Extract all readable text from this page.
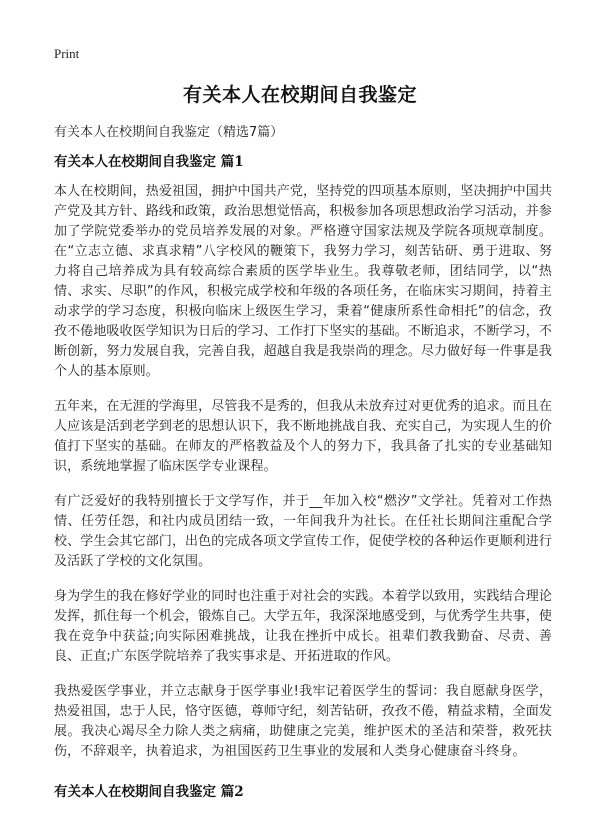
Print
有关本人在校期间自我鉴定

有关本人在校期间自我鉴定（精选7篇）

有关本人在校期间自我鉴定 篇1

本人在校期间，热爱祖国，拥护中国共产党，坚持党的四项基本原则，坚决拥护中国共产党及其方针、路线和政策，政治思想觉悟高，积极参加各项思想政治学习活动，并参加了学院党委举办的党员培养发展的对象。严格遵守国家法规及学院各项规章制度。在“立志立德、求真求精”八字校风的鞭策下，我努力学习，刻苦钻研、勇于进取、努力将自己培养成为具有较高综合素质的医学毕业生。我尊敬老师，团结同学，以“热情、求实、尽职”的作风，积极完成学校和年级的各项任务，在临床实习期间，持着主动求学的学习态度，积极向临床上级医生学习，秉着“健康所系性命相托”的信念，孜孜不倦地吸收医学知识为日后的学习、工作打下坚实的基础。不断追求，不断学习，不断创新，努力发展自我，完善自我，超越自我是我崇尚的理念。尽力做好每一件事是我个人的基本原则。

五年来，在无涯的学海里，尽管我不是秀的，但我从未放弃过对更优秀的追求。而且在人应该是活到老学到老的思想认识下，我不断地挑战自我、充实自己，为实现人生的价值打下坚实的基础。在师友的严格教益及个人的努力下，我具备了扎实的专业基础知识，系统地掌握了临床医学专业课程。

有广泛爱好的我特别擅长于文学写作，并于__年加入校“燃汐”文学社。凭着对工作热情、任劳任怨，和社内成员团结一致，一年间我升为社长。在任社长期间注重配合学校、学生会其它部门，出色的完成各项文学宣传工作，促使学校的各种运作更顺利进行及活跃了学校的文化氛围。

身为学生的我在修好学业的同时也注重于对社会的实践。本着学以致用，实践结合理论发挥，抓住每一个机会，锻炼自己。大学五年，我深深地感受到，与优秀学生共事，使我在竞争中获益;向实际困难挑战，让我在挫折中成长。祖辈们教我勤奋、尽责、善良、正直;广东医学院培养了我实事求是、开拓进取的作风。

我热爱医学事业，并立志献身于医学事业!我牢记着医学生的誓词：我自愿献身医学，热爱祖国，忠于人民，恪守医德，尊师守纪，刻苦钻研，孜孜不倦，精益求精，全面发展。我决心竭尽全力除人类之病痛，助健康之完美，维护医术的圣洁和荣誉，救死扶伤，不辞艰辛，执着追求，为祖国医药卫生事业的发展和人类身心健康奋斗终身。

有关本人在校期间自我鉴定 篇2
